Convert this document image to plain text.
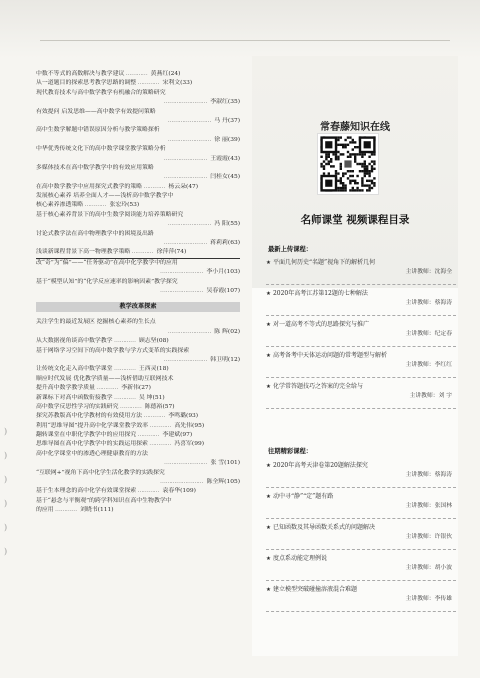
中数不等式的高数解决与教学建议 ………… 黄燕红(24)
从一道题目的探索思考教学思路的调整 ………… 宋利文(33)
现代教育技术与高中数学教学有机融合的策略研究
…………………… 李淑红(35)
有效提问 启发思维——高中数学有效提问策略
…………………… 马 丹(37)
高中生数学解题中错误原因分析与教学策略探析
…………………… 徐 丽(39)
中华优秀传统文化下的高中数学课堂教学策略分析
…………………… 王霞霞(43)
多媒体技术在高中数学教学中的有效应用策略
…………………… 闫桂女(45)
在高中数学教学中应用探究式教学的策略 ………… 杨云朵(47)
发展核心素养 培养全面人才——浅析高中数学教学中
核心素养渗透策略 ………… 张宏玲(53)
基于核心素养背景下的高中生数学阅读能力培养策略研究
…………………… 冯 阳(55)
讨论式教学法在高中物理教学中的困境及出路
…………………… 蒋莉莉(63)
浅谈新课程背景下高一物理教学策略 ………… 徐萍萍(74)
改“奇”为“偏”——“任务驱动”在高中化学教学中的应用
…………………… 李小月(103)
基于“模型认知”的“化学反应速率的影响因素”教学探究
…………………… 吴春霞(107)
教学改革探索
关注学生的最近发展区 挖掘核心素养的生长点
…………………… 陈 辉(02)
从大数据视角谈高中数学教学 ………… 顾志坚(08)
基于网络学习空间下的高中数学教与学方式变革的实践探索
…………………… 韩卫明(12)
让传统文化走入高中数学课堂 ………… 王西灵(18)
顺应时代发展 优化教学质量——浅析借助互联网技术
提升高中数学教学质量 ………… 李新伟(27)
新课标下对高中函数衔接教学 ………… 吴 坤(51)
高中数学反思性学习的实践研究 ………… 陈德裕(57)
探究苏教版高中化学教材的有效使用方法 ………… 李鸣璐(93)
利用“思维导图”提升高中化学课堂教学效率 ………… 高先伟(95)
翻转课堂在中职化学教学中的应用探究 ………… 李建斌(97)
思维导图在高中化学教学中的实践运用探索 ………… 冯喜军(99)
高中化学课堂中的渗透心理健康教育的方法
…………………… 张 雪(101)
“互联网+”视角下高中化学生活化教学的实践探究
…………………… 陈全辉(105)
基于生本理念的高中化学有效课堂探索 ………… 袁春华(109)
基于“悬念与平衡观”的跨学科知识在高中生物教学中
的应用 ………… 刘晓书(111)
常春藤知识在线
名师课堂 视频课程目录
最新上传课程：
★ 平面几何历史“名题”视角下的解析几何
主讲教师：沈海全
★ 2020年高考江苏第12题的七种解法
主讲教师：蔡海涛
★ 对一道高考不等式的思路探究与推广
主讲教师：纪定春
★ 高考备考中天体运动问题的常考题型与解析
主讲教师：李红红
★ 化学常答题技巧之答案的完全给与
主讲教师：刘 宇
往期精彩课程：
★ 2020年高考天津卷第20题解法探究
主讲教师：蔡海涛
★ 动中寻“静”“定”题有路
主讲教师：张国林
★ 已知函数及其导函数关系式的问题解决
主讲教师：许银伙
★ 度点系动能定理例说
主讲教师：胡小波
★ 建立模型突破碰撞溶液混合难题
主讲教师：李传雄
) ) ) ) ) )
